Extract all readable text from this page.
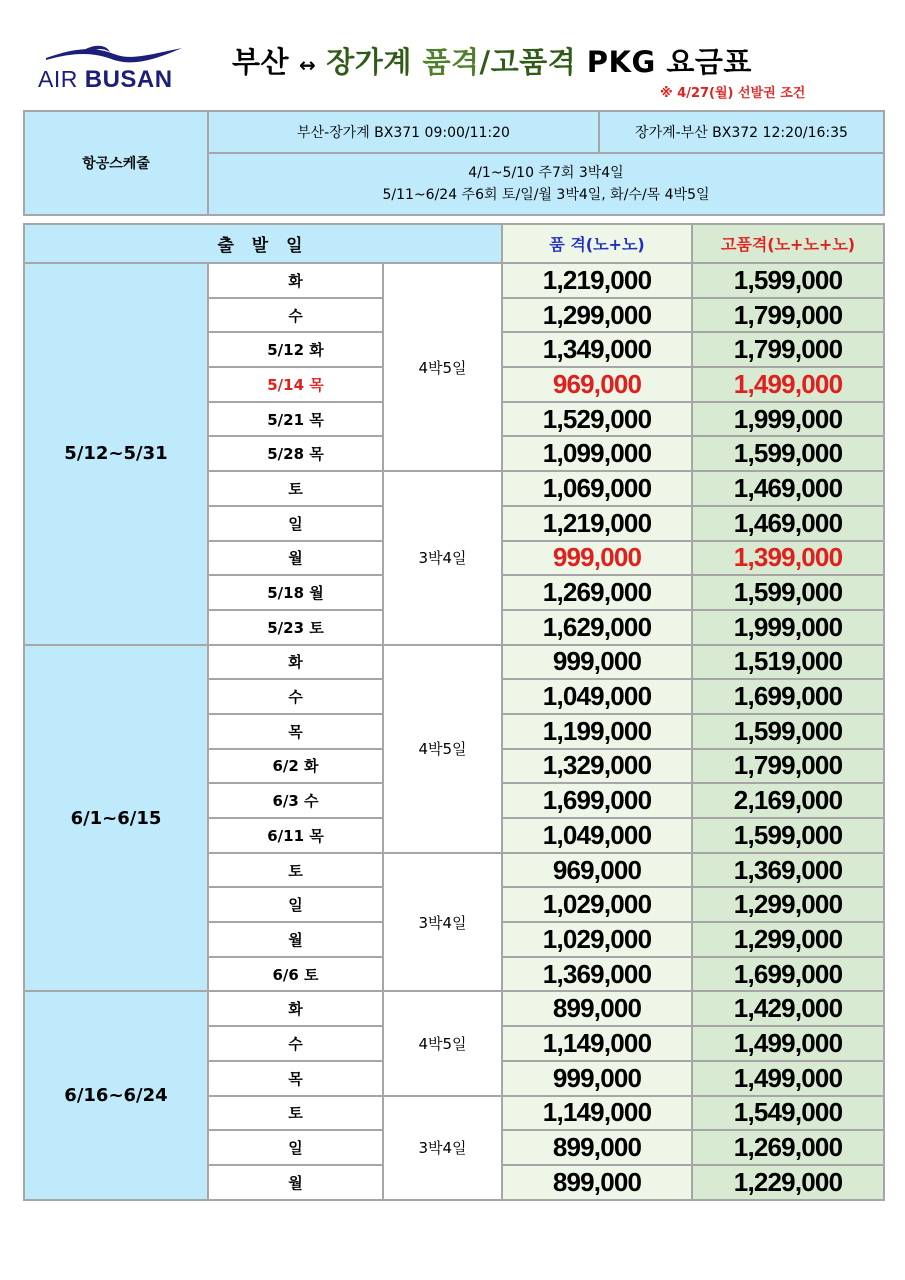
AIR BUSAN
부산 ↔ 장가계 품격/고품격 PKG 요금표
※ 4/27(월) 선발권 조건
항공스케줄	부산-장가계 BX371 09:00/11:20	장가계-부산 BX372 12:20/16:35

4/1~5/10 주7회 3박4일
5/11~6/24 주6회 토/일/월 3박4일, 화/수/목 4박5일
출 발 일			품 격(노+노)	고품격(노+노+노)
5/12~5/31	화	4박5일	1,219,000	1,599,000
	수		1,299,000	1,799,000
	5/12 화		1,349,000	1,799,000
	5/14 목		969,000	1,499,000
	5/21 목		1,529,000	1,999,000
	5/28 목		1,099,000	1,599,000
	토	3박4일	1,069,000	1,469,000
	일		1,219,000	1,469,000
	월		999,000	1,399,000
	5/18 월		1,269,000	1,599,000
	5/23 토		1,629,000	1,999,000
6/1~6/15	화	4박5일	999,000	1,519,000
	수		1,049,000	1,699,000
	목		1,199,000	1,599,000
	6/2 화		1,329,000	1,799,000
	6/3 수		1,699,000	2,169,000
	6/11 목		1,049,000	1,599,000
	토	3박4일	969,000	1,369,000
	일		1,029,000	1,299,000
	월		1,029,000	1,299,000
	6/6 토		1,369,000	1,699,000
6/16~6/24	화	4박5일	899,000	1,429,000
	수		1,149,000	1,499,000
	목		999,000	1,499,000
	토	3박4일	1,149,000	1,549,000
	일		899,000	1,269,000
	월		899,000	1,229,000
